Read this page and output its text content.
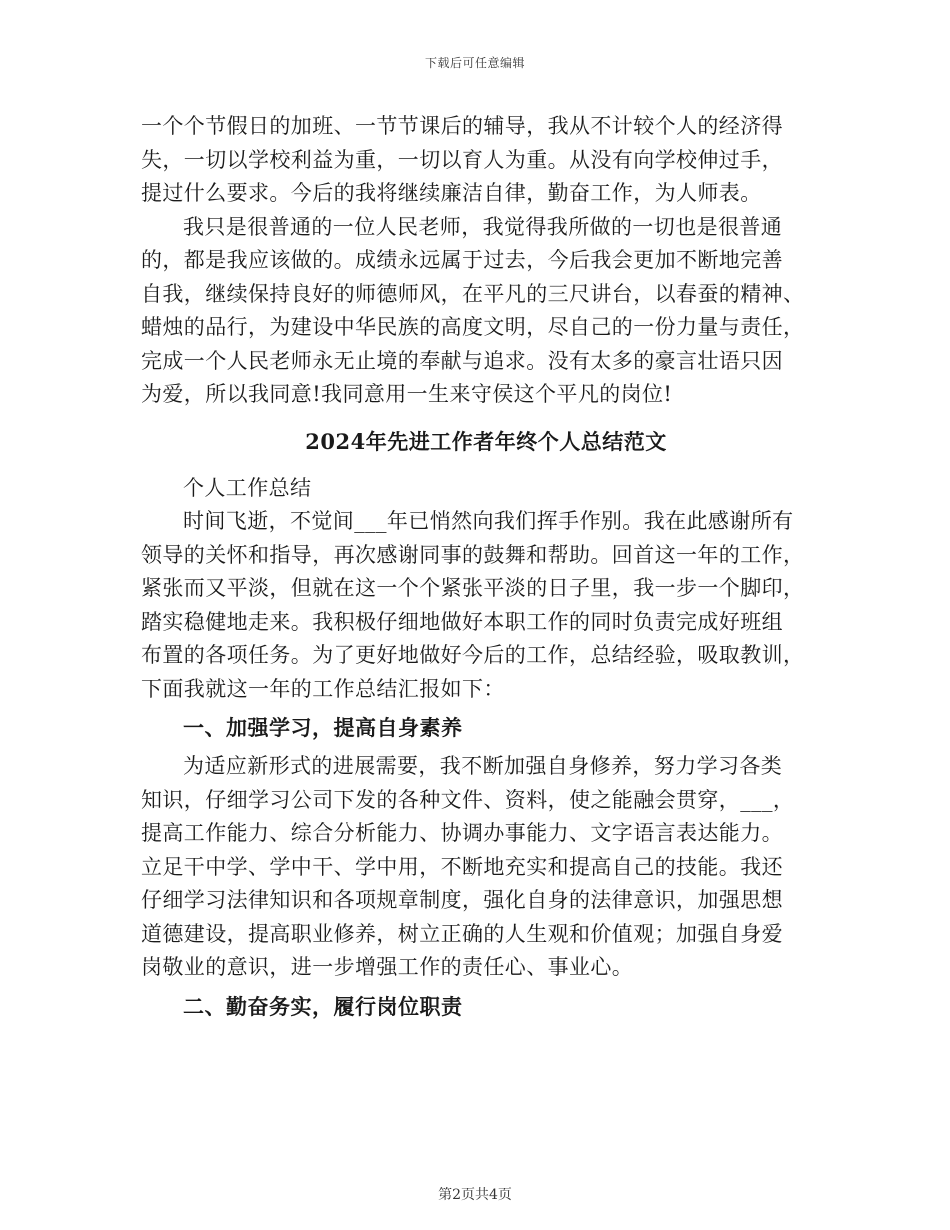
下载后可任意编辑

一个个节假日的加班、一节节课后的辅导，我从不计较个人的经济得
失，一切以学校利益为重，一切以育人为重。从没有向学校伸过手，
提过什么要求。今后的我将继续廉洁自律，勤奋工作，为人师表。

我只是很普通的一位人民老师，我觉得我所做的一切也是很普通
的，都是我应该做的。成绩永远属于过去，今后我会更加不断地完善
自我，继续保持良好的师德师风，在平凡的三尺讲台，以春蚕的精神、
蜡烛的品行，为建设中华民族的高度文明，尽自己的一份力量与责任，
完成一个人民老师永无止境的奉献与追求。没有太多的豪言壮语只因
为爱，所以我同意!我同意用一生来守侯这个平凡的岗位!

2024年先进工作者年终个人总结范文

个人工作总结

时间飞逝，不觉间___年已悄然向我们挥手作别。我在此感谢所有
领导的关怀和指导，再次感谢同事的鼓舞和帮助。回首这一年的工作，
紧张而又平淡，但就在这一个个紧张平淡的日子里，我一步一个脚印，
踏实稳健地走来。我积极仔细地做好本职工作的同时负责完成好班组
布置的各项任务。为了更好地做好今后的工作，总结经验，吸取教训，
下面我就这一年的工作总结汇报如下：

一、加强学习，提高自身素养

为适应新形式的进展需要，我不断加强自身修养，努力学习各类
知识，仔细学习公司下发的各种文件、资料，使之能融会贯穿，___，
提高工作能力、综合分析能力、协调办事能力、文字语言表达能力。
立足干中学、学中干、学中用，不断地充实和提高自己的技能。我还
仔细学习法律知识和各项规章制度，强化自身的法律意识，加强思想
道德建设，提高职业修养，树立正确的人生观和价值观；加强自身爱
岗敬业的意识，进一步增强工作的责任心、事业心。

二、勤奋务实，履行岗位职责
第2页共4页
